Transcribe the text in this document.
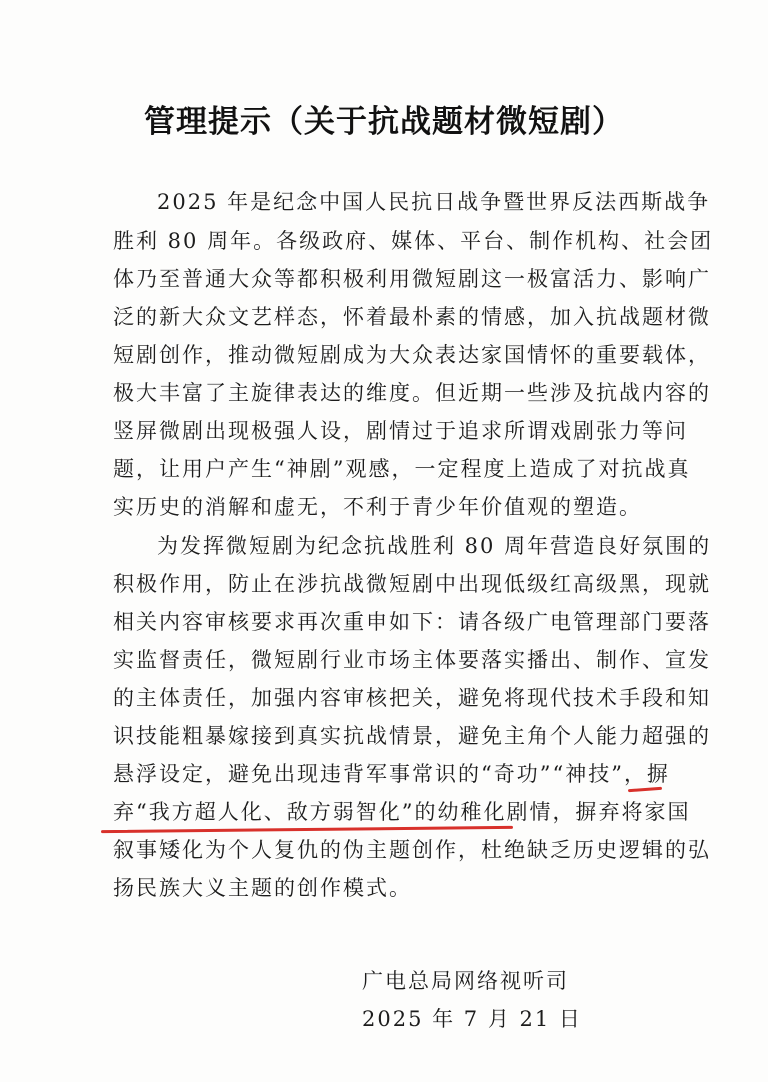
管理提示（关于抗战题材微短剧）
2025 年是纪念中国人民抗日战争暨世界反法西斯战争
胜利 80 周年。各级政府、媒体、平台、制作机构、社会团
体乃至普通大众等都积极利用微短剧这一极富活力、影响广
泛的新大众文艺样态，怀着最朴素的情感，加入抗战题材微
短剧创作，推动微短剧成为大众表达家国情怀的重要载体，
极大丰富了主旋律表达的维度。但近期一些涉及抗战内容的
竖屏微剧出现极强人设，剧情过于追求所谓戏剧张力等问
题，让用户产生“神剧”观感，一定程度上造成了对抗战真
实历史的消解和虚无，不利于青少年价值观的塑造。
为发挥微短剧为纪念抗战胜利 80 周年营造良好氛围的
积极作用，防止在涉抗战微短剧中出现低级红高级黑，现就
相关内容审核要求再次重申如下：请各级广电管理部门要落
实监督责任，微短剧行业市场主体要落实播出、制作、宣发
的主体责任，加强内容审核把关，避免将现代技术手段和知
识技能粗暴嫁接到真实抗战情景，避免主角个人能力超强的
悬浮设定，避免出现违背军事常识的“奇功”“神技”，摒
弃“我方超人化、敌方弱智化”的幼稚化剧情，摒弃将家国
叙事矮化为个人复仇的伪主题创作，杜绝缺乏历史逻辑的弘
扬民族大义主题的创作模式。
广电总局网络视听司
2025 年 7 月 21 日
